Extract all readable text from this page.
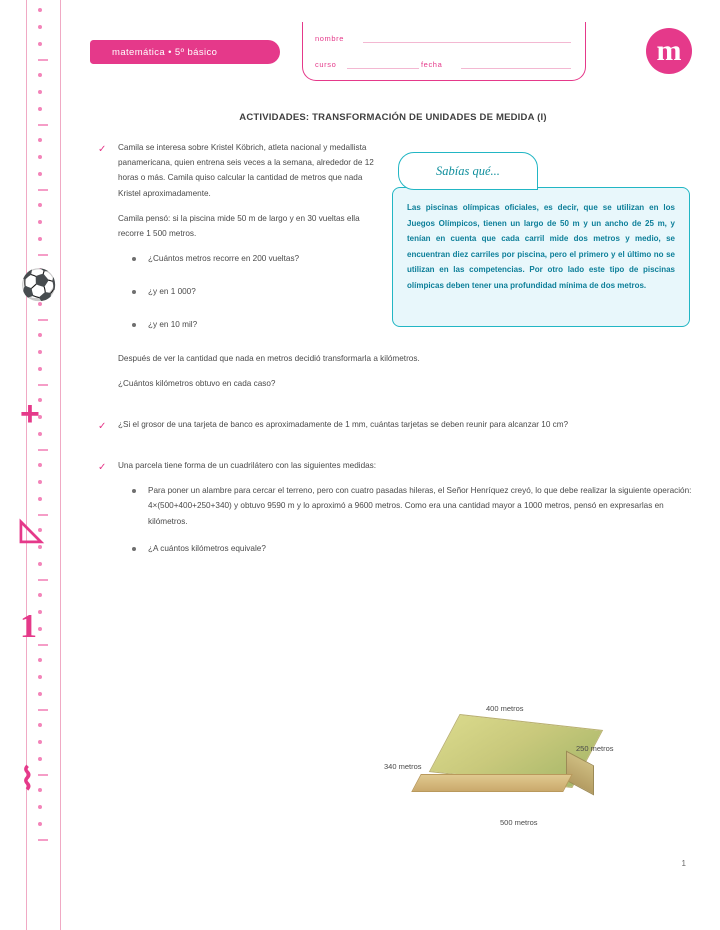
⚽
+
◺
1
⌇
matemática • 5º básico
nombre
curso	fecha	m
ACTIVIDADES: TRANSFORMACIÓN DE UNIDADES DE MEDIDA (I)
Sabías qué...
Las piscinas olímpicas oficiales, es decir, que se utilizan en los Juegos Olímpicos, tienen un largo de 50 m y un ancho de 25 m, y tenían en cuenta que cada carril mide dos metros y medio, se encuentran diez carriles por piscina, pero el primero y el último no se utilizan en las competencias. Por otro lado este tipo de piscinas olímpicas deben tener una profundidad mínima de dos metros.
✓ Camila se interesa sobre Kristel Köbrich, atleta nacional y medallista panamericana, quien entrena seis veces a la semana, alrededor de 12 horas o más. Camila quiso calcular la cantidad de metros que nada Kristel aproximadamente.
Camila pensó: si la piscina mide 50 m de largo y en 30 vueltas ella recorre 1 500 metros.
¿Cuántos metros recorre en 200 vueltas?
¿y en 1 000?
¿y en 10 mil?
Después de ver la cantidad que nada en metros decidió transformarla a kilómetros.
¿Cuántos kilómetros obtuvo en cada caso?
✓ ¿Si el grosor de una tarjeta de banco es aproximadamente de 1 mm, cuántas tarjetas se deben reunir para alcanzar 10 cm?
✓ Una parcela tiene forma de un cuadrilátero con las siguientes medidas:
Para poner un alambre para cercar el terreno, pero con cuatro pasadas hileras, el Señor Henríquez creyó, lo que debe realizar la siguiente operación: 4×(500+400+250+340) y obtuvo 9590 m y lo aproximó a 9600 metros. Como era una cantidad mayor a 1000 metros, pensó en expresarlas en kilómetros.
¿A cuántos kilómetros equivale?
400 metros
250 metros
340 metros
500 metros
1
